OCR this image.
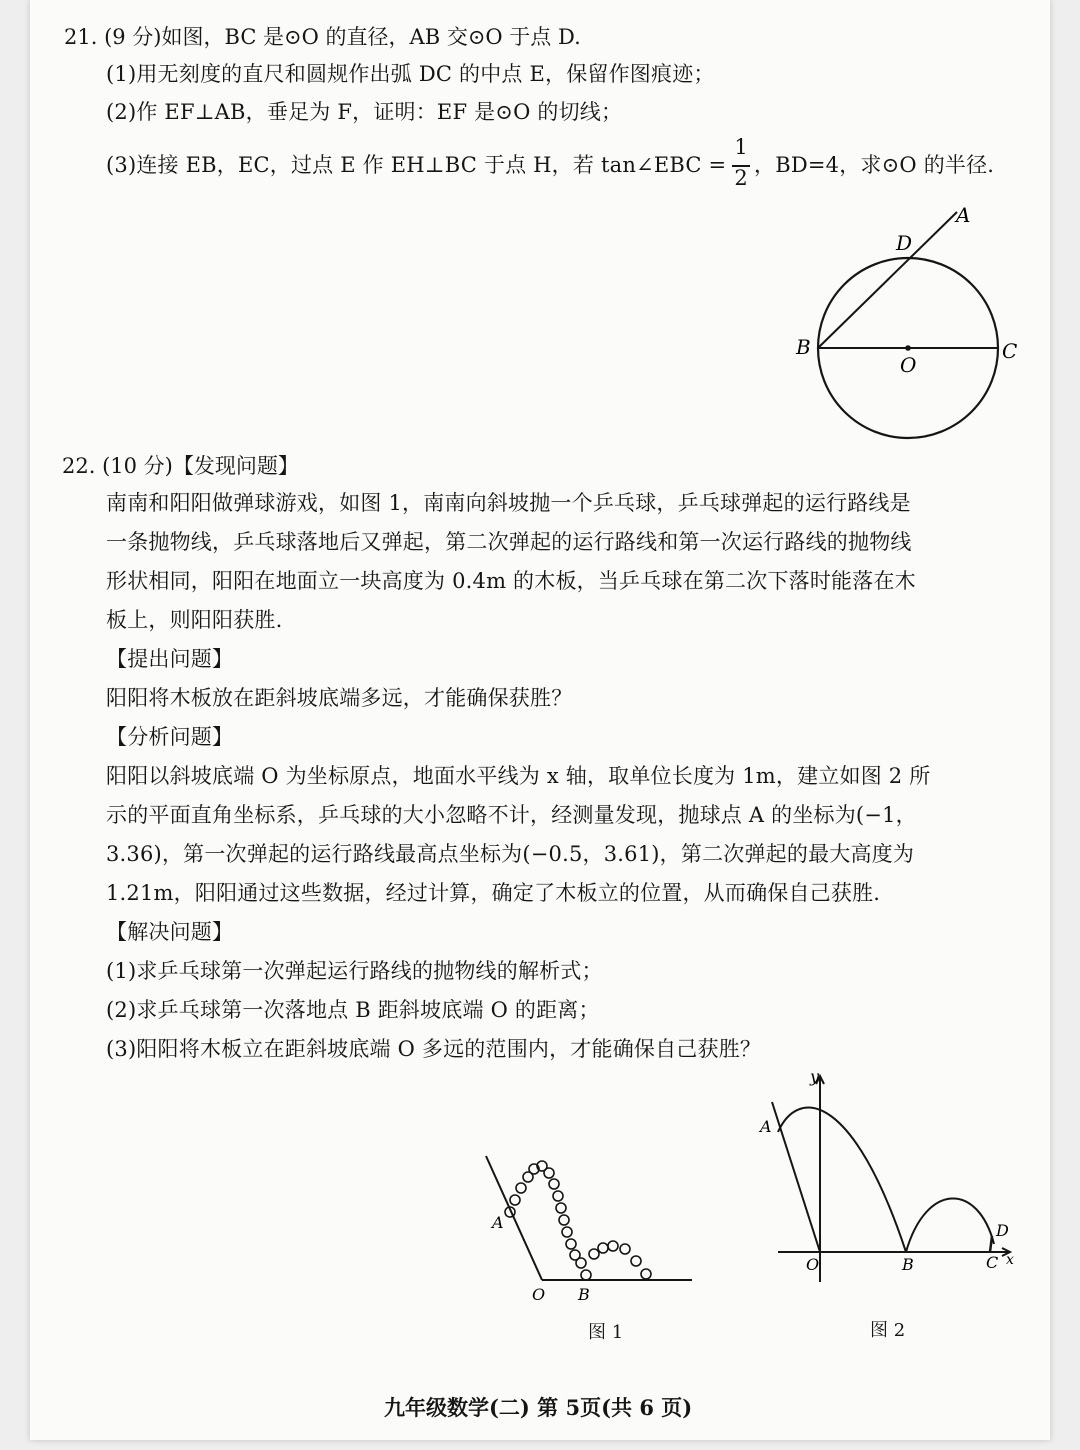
21. (9 分)如图，BC 是⊙O 的直径，AB 交⊙O 于点 D.
(1)用无刻度的直尺和圆规作出弧 DC 的中点 E，保留作图痕迹；
(2)作 EF⊥AB，垂足为 F，证明：EF 是⊙O 的切线；
(3)连接 EB，EC，过点 E 作 EH⊥BC 于点 H，若 tan∠EBC =
1
2
，BD=4，求⊙O 的半径.
A
D
B
O
C
22. (10 分)【发现问题】
南南和阳阳做弹球游戏，如图 1，南南向斜坡抛一个乒乓球，乒乓球弹起的运行路线是
一条抛物线，乒乓球落地后又弹起，第二次弹起的运行路线和第一次运行路线的抛物线
形状相同，阳阳在地面立一块高度为 0.4m 的木板，当乒乓球在第二次下落时能落在木
板上，则阳阳获胜.
【提出问题】
阳阳将木板放在距斜坡底端多远，才能确保获胜？
【分析问题】
阳阳以斜坡底端 O 为坐标原点，地面水平线为 x 轴，取单位长度为 1m，建立如图 2 所
示的平面直角坐标系，乒乓球的大小忽略不计，经测量发现，抛球点 A 的坐标为(−1，
3.36)，第一次弹起的运行路线最高点坐标为(−0.5，3.61)，第二次弹起的最大高度为
1.21m，阳阳通过这些数据，经过计算，确定了木板立的位置，从而确保自己获胜.
【解决问题】
(1)求乒乓球第一次弹起运行路线的抛物线的解析式；
(2)求乒乓球第一次落地点 B 距斜坡底端 O 的距离；
(3)阳阳将木板立在距斜坡底端 O 多远的范围内，才能确保自己获胜？
A
O B
图 1
y
A
O	B	C
D
x
图 2
九年级数学(二) 第 5页(共 6 页)
